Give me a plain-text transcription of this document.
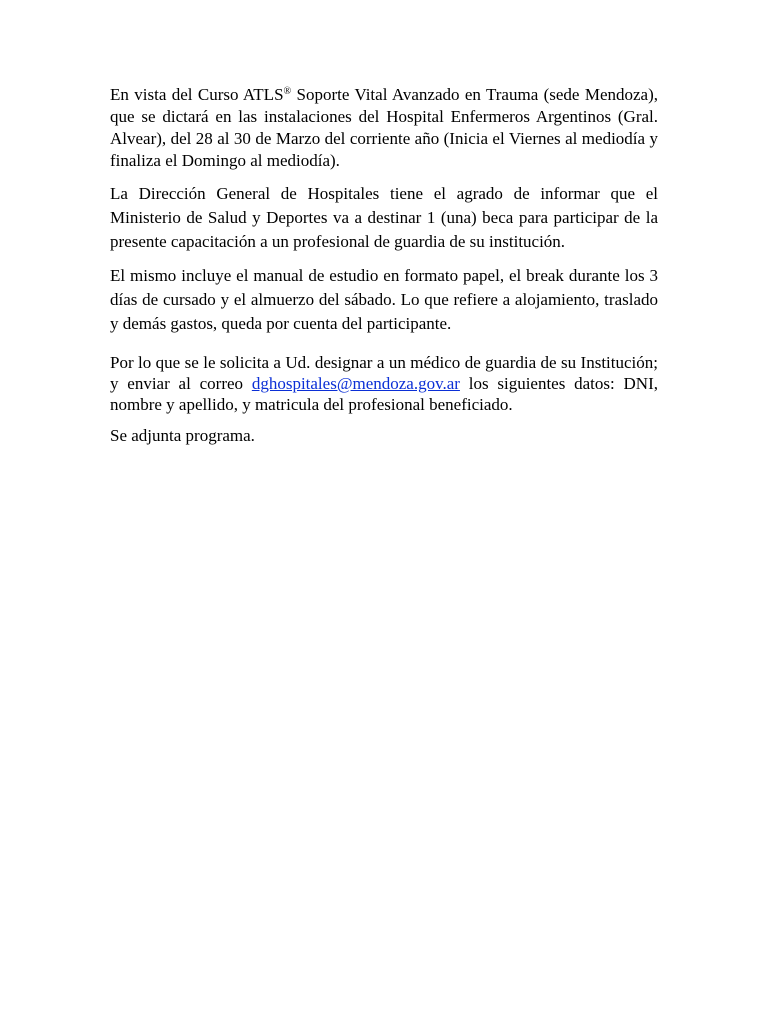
En vista del Curso ATLS® Soporte Vital Avanzado en Trauma (sede Mendoza), que se dictará en las instalaciones del Hospital Enfermeros Argentinos (Gral. Alvear), del 28 al 30 de Marzo del corriente año (Inicia el Viernes al mediodía y finaliza el Domingo al mediodía).

La Dirección General de Hospitales tiene el agrado de informar que el Ministerio de Salud y Deportes va a destinar 1 (una) beca para participar de la presente capacitación a un profesional de guardia de su institución.

El mismo incluye el manual de estudio en formato papel, el break durante los 3 días de cursado y el almuerzo del sábado. Lo que refiere a alojamiento, traslado y demás gastos, queda por cuenta del participante.

Por lo que se le solicita a Ud. designar a un médico de guardia de su Institución; y enviar al correo dghospitales@mendoza.gov.ar los siguientes datos: DNI, nombre y apellido, y matricula del profesional beneficiado.

Se adjunta programa.
